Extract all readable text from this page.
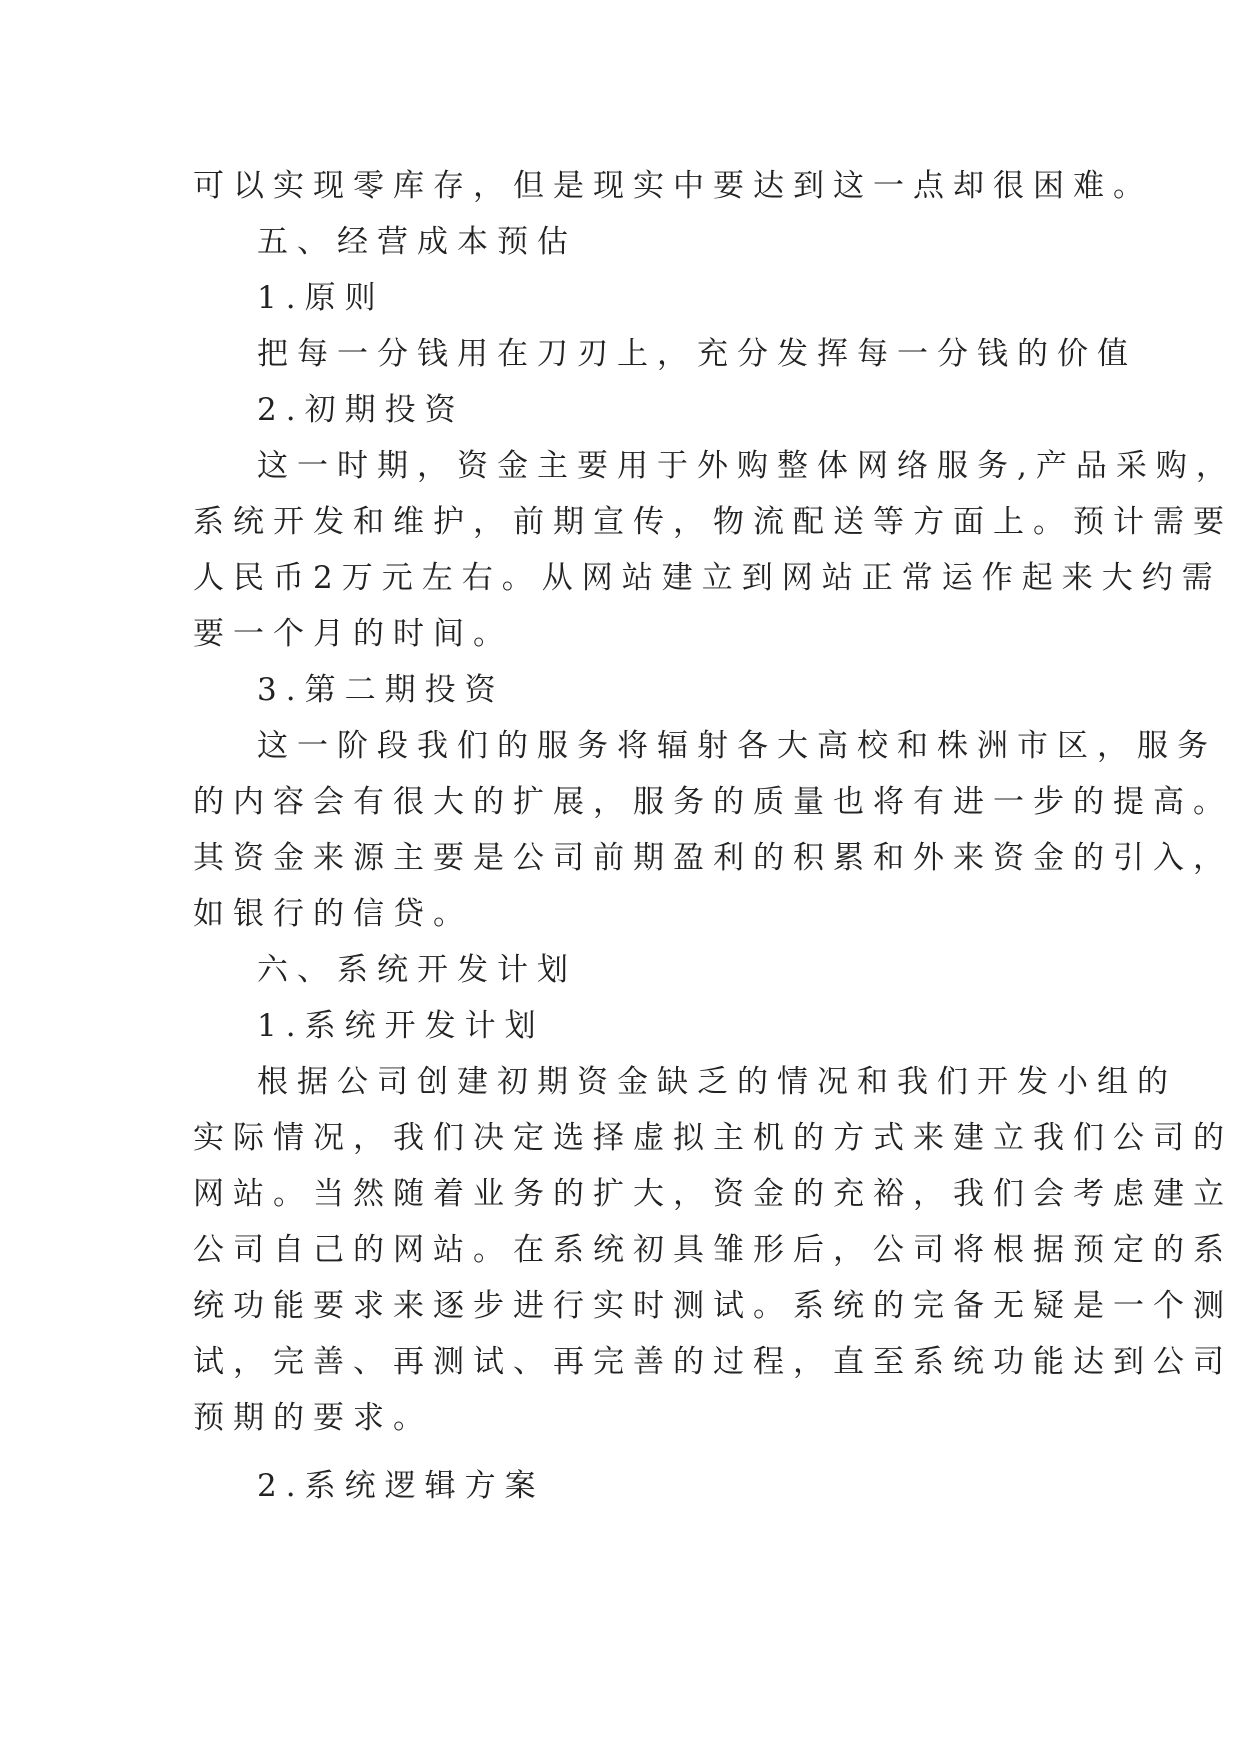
可以实现零库存，但是现实中要达到这一点却很困难。
五、经营成本预估
1.原则
把每一分钱用在刀刃上，充分发挥每一分钱的价值
2.初期投资
这一时期，资金主要用于外购整体网络服务,产品采购，
系统开发和维护，前期宣传，物流配送等方面上。预计需要
人民币2万元左右。从网站建立到网站正常运作起来大约需
要一个月的时间。
3.第二期投资
这一阶段我们的服务将辐射各大高校和株洲市区，服务
的内容会有很大的扩展，服务的质量也将有进一步的提高。
其资金来源主要是公司前期盈利的积累和外来资金的引入，
如银行的信贷。
六、系统开发计划
1.系统开发计划
根据公司创建初期资金缺乏的情况和我们开发小组的
实际情况，我们决定选择虚拟主机的方式来建立我们公司的
网站。当然随着业务的扩大，资金的充裕，我们会考虑建立
公司自己的网站。在系统初具雏形后，公司将根据预定的系
统功能要求来逐步进行实时测试。系统的完备无疑是一个测
试，完善、再测试、再完善的过程，直至系统功能达到公司
预期的要求。
2.系统逻辑方案
